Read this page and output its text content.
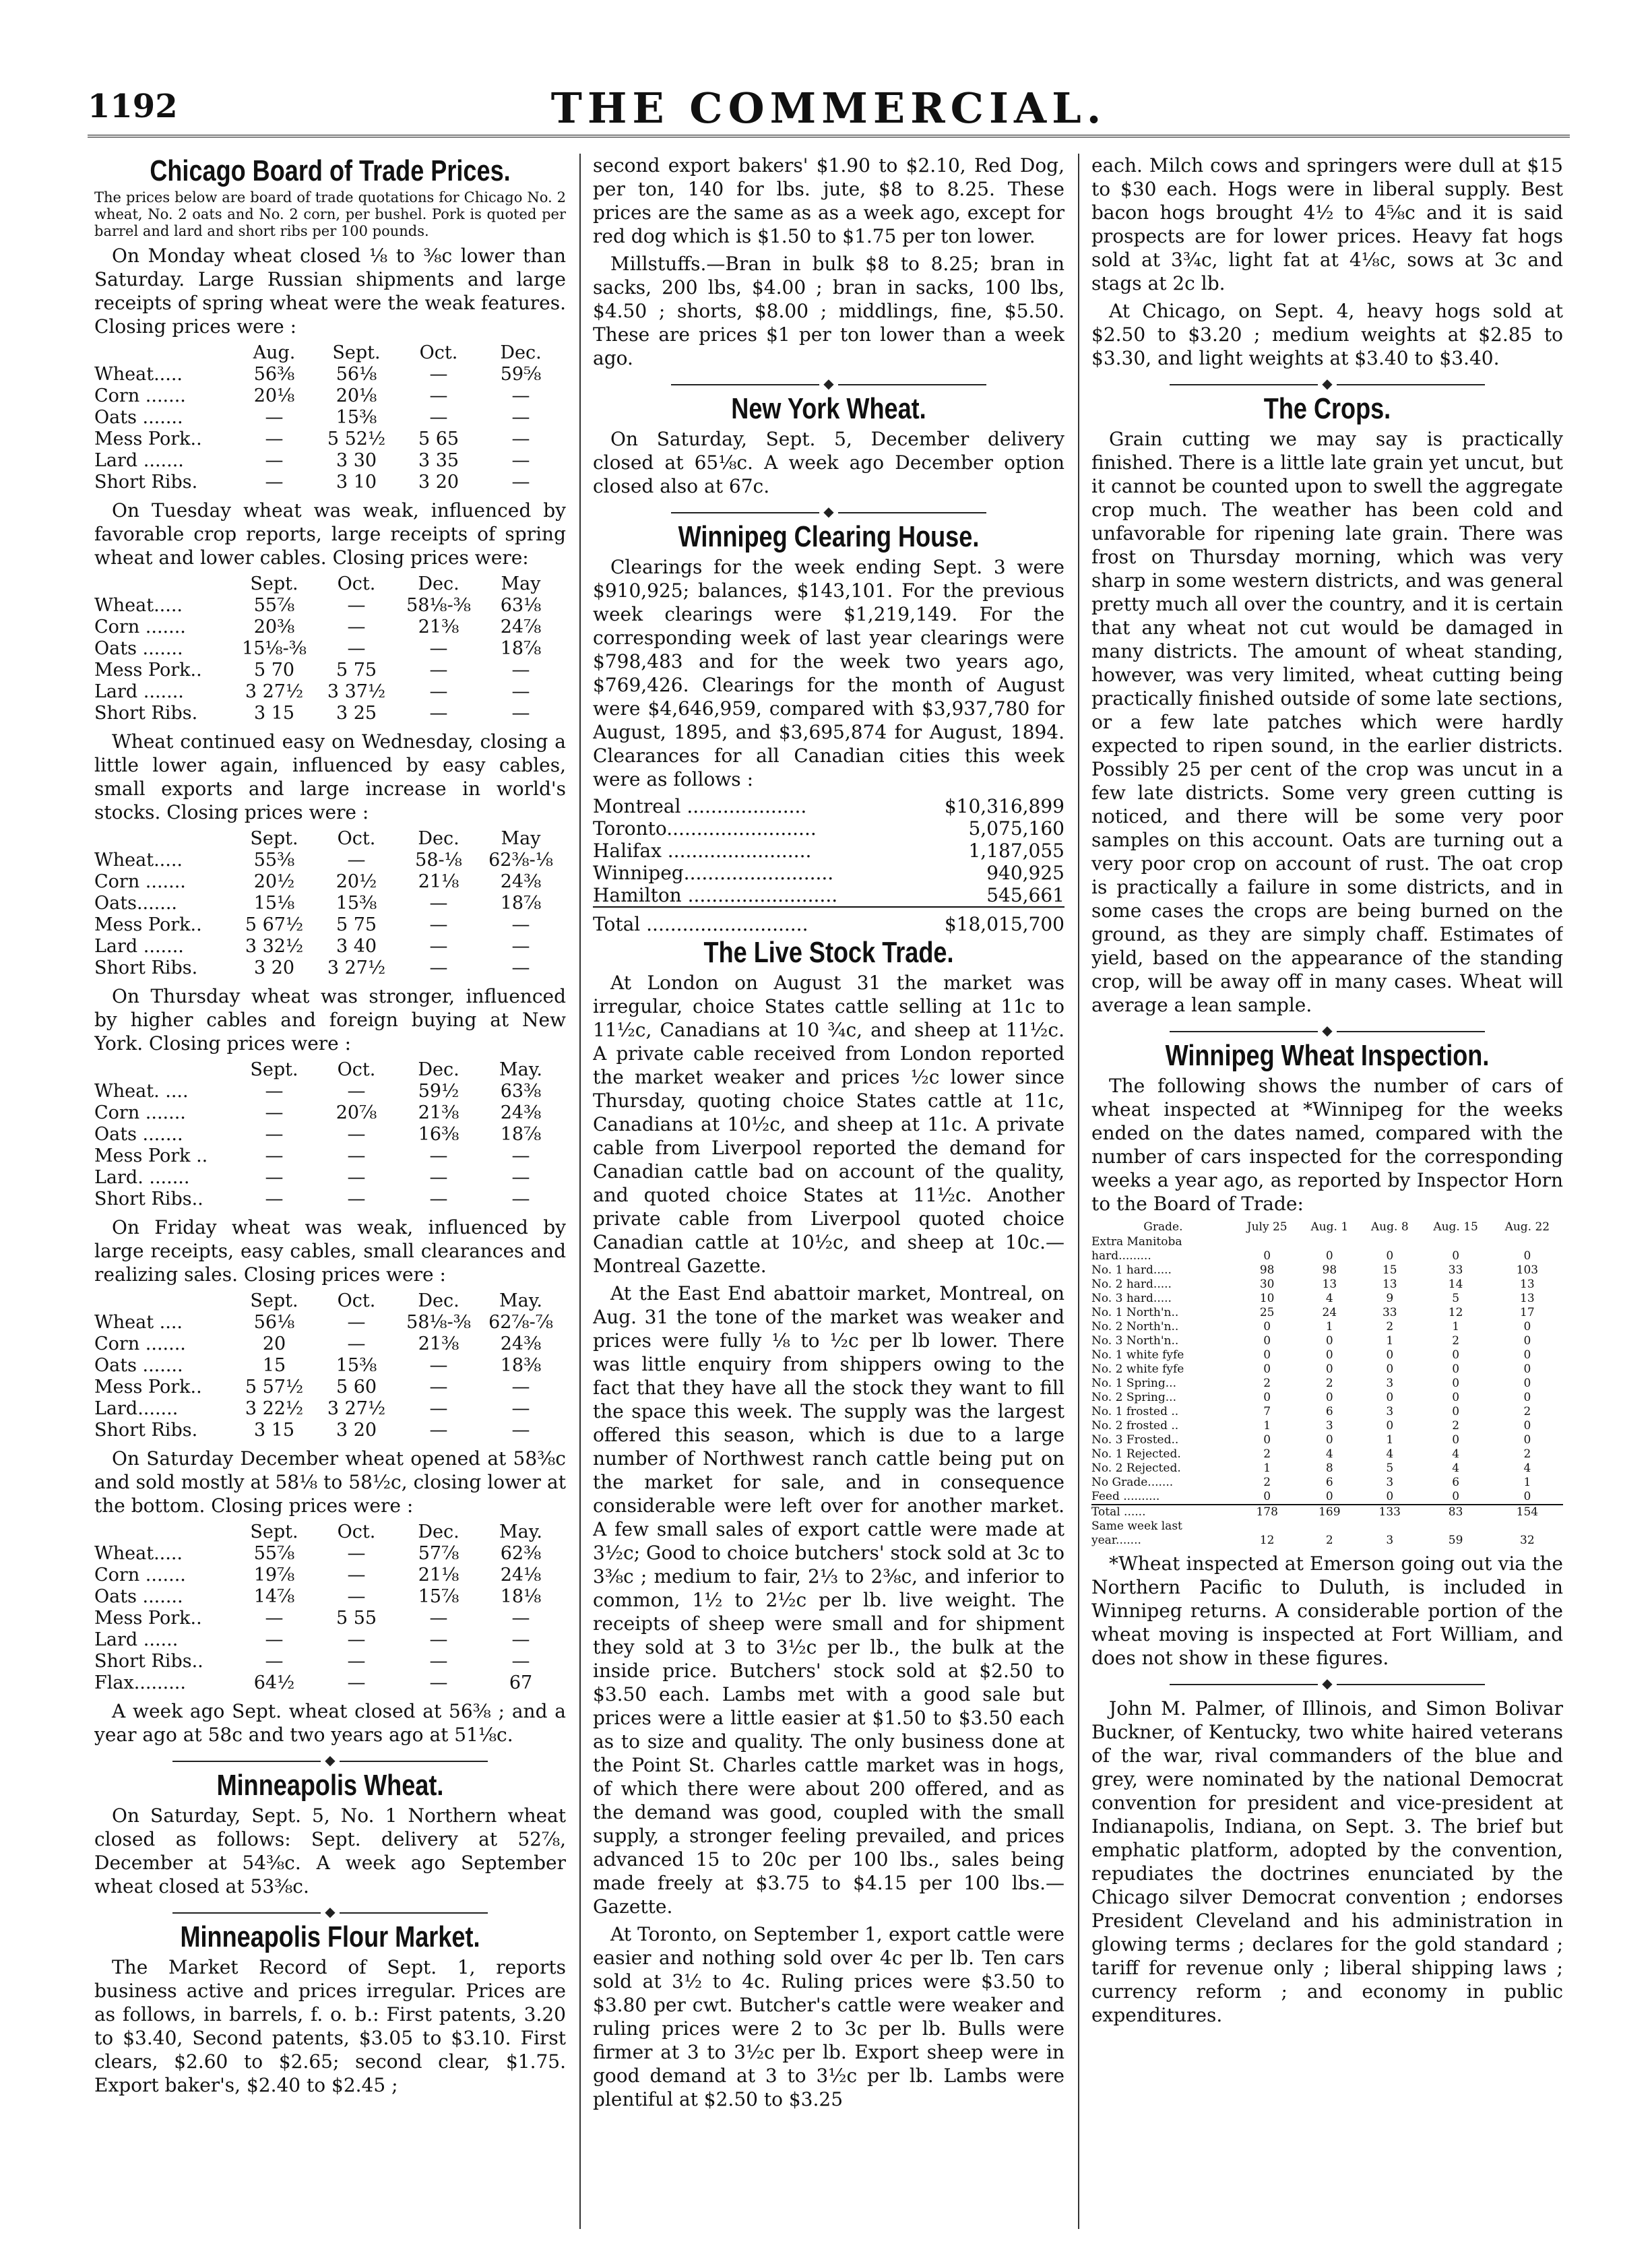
1192	THE COMMERCIAL.
Chicago Board of Trade Prices.

The prices below are board of trade quotations for Chicago No. 2 wheat, No. 2 oats and No. 2 corn, per bushel. Pork is quoted per barrel and lard and short ribs per 100 pounds.

On Monday wheat closed ⅛ to ⅜c lower than Saturday. Large Russian shipments and large receipts of spring wheat were the weak features. Closing prices were :

	Aug.	Sept.	Oct.	Dec.
Wheat.....	56⅜	56⅛	—	59⅝
Corn .......	20⅛	20⅛	—	—
Oats .......	—	15⅜	—	—
Mess Pork..	—	5 52½	5 65	—
Lard .......	—	3 30	3 35	—
Short Ribs.	—	3 10	3 20	—

On Tuesday wheat was weak, influenced by favorable crop reports, large receipts of spring wheat and lower cables. Closing prices were:

	Sept.	Oct.	Dec.	May
Wheat.....	55⅞	—	58⅛-⅜	63⅛
Corn .......	20⅜	—	21⅜	24⅞
Oats .......	15⅛-⅜	—	—	18⅞
Mess Pork..	5 70	5 75	—	—
Lard .......	3 27½	3 37½	—	—
Short Ribs.	3 15	3 25	—	—

Wheat continued easy on Wednesday, closing a little lower again, influenced by easy cables, small exports and large increase in world's stocks. Closing prices were :

	Sept.	Oct.	Dec.	May
Wheat.....	55⅜	—	58-⅛	62⅜-⅛
Corn .......	20½	20½	21⅛	24⅜
Oats.......	15⅛	15⅜	—	18⅞
Mess Pork..	5 67½	5 75	—	—
Lard .......	3 32½	3 40	—	—
Short Ribs.	3 20	3 27½	—	—

On Thursday wheat was stronger, influenced by higher cables and foreign buying at New York. Closing prices were :

	Sept.	Oct.	Dec.	May.
Wheat. ....	—	—	59½	63⅜
Corn .......	—	20⅞	21⅜	24⅜
Oats .......	—	—	16⅜	18⅞
Mess Pork ..	—	—	—	—
Lard. .......	—	—	—	—
Short Ribs..	—	—	—	—

On Friday wheat was weak, influenced by large receipts, easy cables, small clearances and realizing sales. Closing prices were :

	Sept.	Oct.	Dec.	May.
Wheat ....	56⅛	—	58⅛-⅜	62⅞-⅞
Corn .......	20	—	21⅜	24⅜
Oats .......	15	15⅜	—	18⅜
Mess Pork..	5 57½	5 60	—	—
Lard.......	3 22½	3 27½	—	—
Short Ribs.	3 15	3 20	—	—

On Saturday December wheat opened at 58⅜c and sold mostly at 58⅛ to 58½c, closing lower at the bottom. Closing prices were :

	Sept.	Oct.	Dec.	May.
Wheat.....	55⅞	—	57⅞	62⅜
Corn .......	19⅞	—	21⅛	24⅛
Oats .......	14⅞	—	15⅞	18⅛
Mess Pork..	—	5 55	—	—
Lard ......	—	—	—	—
Short Ribs..	—	—	—	—
Flax.........	64½	—	—	67

A week ago Sept. wheat closed at 56⅜ ; and a year ago at 58c and two years ago at 51⅛c.

◆
Minneapolis Wheat.

On Saturday, Sept. 5, No. 1 Northern wheat closed as follows: Sept. delivery at 52⅞, December at 54⅜c. A week ago September wheat closed at 53⅜c.

◆
Minneapolis Flour Market.

The Market Record of Sept. 1, reports business active and prices irregular. Prices are as follows, in barrels, f. o. b.: First patents, 3.20 to $3.40, Second patents, $3.05 to $3.10. First clears, $2.60 to $2.65; second clear, $1.75. Export baker's, $2.40 to $2.45 ;

second export bakers' $1.90 to $2.10, Red Dog, per ton, 140 for lbs. jute, $8 to 8.25. These prices are the same as as a week ago, except for red dog which is $1.50 to $1.75 per ton lower.

Millstuffs.—Bran in bulk $8 to 8.25; bran in sacks, 200 lbs, $4.00 ; bran in sacks, 100 lbs, $4.50 ; shorts, $8.00 ; middlings, fine, $5.50. These are prices $1 per ton lower than a week ago.

◆
New York Wheat.

On Saturday, Sept. 5, December delivery closed at 65⅛c. A week ago December option closed also at 67c.

◆
Winnipeg Clearing House.

Clearings for the week ending Sept. 3 were $910,925; balances, $143,101. For the previous week clearings were $1,219,149. For the corresponding week of last year clearings were $798,483 and for the week two years ago, $769,426. Clearings for the month of August were $4,646,959, compared with $3,937,780 for August, 1895, and $3,695,874 for August, 1894. Clearances for all Canadian cities this week were as follows :

Montreal ....................	$10,316,899
Toronto.........................	5,075,160
Halifax ........................	1,187,055
Winnipeg.........................	940,925
Hamilton .........................	545,661
Total ...........................	$18,015,700
The Live Stock Trade.

At London on August 31 the market was irregular, choice States cattle selling at 11c to 11½c, Canadians at 10 ¾c, and sheep at 11½c. A private cable received from London reported the market weaker and prices ½c lower since Thursday, quoting choice States cattle at 11c, Canadians at 10½c, and sheep at 11c. A private cable from Liverpool reported the demand for Canadian cattle bad on account of the quality, and quoted choice States at 11½c. Another private cable from Liverpool quoted choice Canadian cattle at 10½c, and sheep at 10c.—Montreal Gazette.

At the East End abattoir market, Montreal, on Aug. 31 the tone of the market was weaker and prices were fully ⅛ to ½c per lb lower. There was little enquiry from shippers owing to the fact that they have all the stock they want to fill the space this week. The supply was the largest offered this season, which is due to a large number of Northwest ranch cattle being put on the market for sale, and in consequence considerable were left over for another market. A few small sales of export cattle were made at 3½c; Good to choice butchers' stock sold at 3c to 3⅜c ; medium to fair, 2⅓ to 2⅜c, and inferior to common, 1½ to 2½c per lb. live weight. The receipts of sheep were small and for shipment they sold at 3 to 3½c per lb., the bulk at the inside price. Butchers' stock sold at $2.50 to $3.50 each. Lambs met with a good sale but prices were a little easier at $1.50 to $3.50 each as to size and quality. The only business done at the Point St. Charles cattle market was in hogs, of which there were about 200 offered, and as the demand was good, coupled with the small supply, a stronger feeling prevailed, and prices advanced 15 to 20c per 100 lbs., sales being made freely at $3.75 to $4.15 per 100 lbs.—Gazette.

At Toronto, on September 1, export cattle were easier and nothing sold over 4c per lb. Ten cars sold at 3½ to 4c. Ruling prices were $3.50 to $3.80 per cwt. Butcher's cattle were weaker and ruling prices were 2 to 3c per lb. Bulls were firmer at 3 to 3½c per lb. Export sheep were in good demand at 3 to 3½c per lb. Lambs were plentiful at $2.50 to $3.25

each. Milch cows and springers were dull at $15 to $30 each. Hogs were in liberal supply. Best bacon hogs brought 4½ to 4⅝c and it is said prospects are for lower prices. Heavy fat hogs sold at 3¾c, light fat at 4⅛c, sows at 3c and stags at 2c lb.

At Chicago, on Sept. 4, heavy hogs sold at $2.50 to $3.20 ; medium weights at $2.85 to $3.30, and light weights at $3.40 to $3.40.

◆
The Crops.

Grain cutting we may say is practically finished. There is a little late grain yet uncut, but it cannot be counted upon to swell the aggregate crop much. The weather has been cold and unfavorable for ripening late grain. There was frost on Thursday morning, which was very sharp in some western districts, and was general pretty much all over the country, and it is certain that any wheat not cut would be damaged in many districts. The amount of wheat standing, however, was very limited, wheat cutting being practically finished outside of some late sections, or a few late patches which were hardly expected to ripen sound, in the earlier districts. Possibly 25 per cent of the crop was uncut in a few late districts. Some very green cutting is noticed, and there will be some very poor samples on this account. Oats are turning out a very poor crop on account of rust. The oat crop is practically a failure in some districts, and in some cases the crops are being burned on the ground, as they are simply chaff. Estimates of yield, based on the appearance of the standing crop, will be away off in many cases. Wheat will average a lean sample.

◆
Winnipeg Wheat Inspection.

The following shows the number of cars of wheat inspected at *Winnipeg for the weeks ended on the dates named, compared with the number of cars inspected for the corresponding weeks a year ago, as reported by Inspector Horn to the Board of Trade:

Grade.	July 25	Aug. 1	Aug. 8	Aug. 15	Aug. 22
Extra Manitoba					
hard.........	0	0	0	0	0
No. 1 hard.....	98	98	15	33	103
No. 2 hard.....	30	13	13	14	13
No. 3 hard.....	10	4	9	5	13
No. 1 North'n..	25	24	33	12	17
No. 2 North'n..	0	1	2	1	0
No. 3 North'n..	0	0	1	2	0
No. 1 white fyfe	0	0	0	0	0
No. 2 white fyfe	0	0	0	0	0
No. 1 Spring...	2	2	3	0	0
No. 2 Spring...	0	0	0	0	0
No. 1 frosted ..	7	6	3	0	2
No. 2 frosted ..	1	3	0	2	0
No. 3 Frosted..	0	0	1	0	0
No. 1 Rejected.	2	4	4	4	2
No. 2 Rejected.	1	8	5	4	4
No Grade.......	2	6	3	6	1
Feed ..........	0	0	0	0	0
Total ......	178	169	133	83	154
Same week last					
year.......	12	2	3	59	32

*Wheat inspected at Emerson going out via the Northern Pacific to Duluth, is included in Winnipeg returns. A considerable portion of the wheat moving is inspected at Fort William, and does not show in these figures.

◆

John M. Palmer, of Illinois, and Simon Bolivar Buckner, of Kentucky, two white haired veterans of the war, rival commanders of the blue and grey, were nominated by the national Democrat convention for president and vice-president at Indianapolis, Indiana, on Sept. 3. The brief but emphatic platform, adopted by the convention, repudiates the doctrines enunciated by the Chicago silver Democrat convention ; endorses President Cleveland and his administration in glowing terms ; declares for the gold standard ; tariff for revenue only ; liberal shipping laws ; currency reform ; and economy in public expenditures.
